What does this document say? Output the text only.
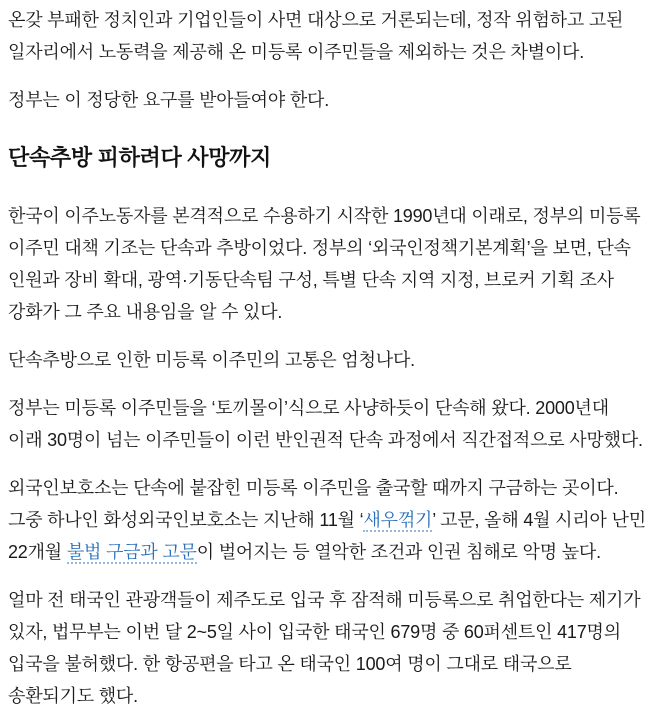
온갖 부패한 정치인과 기업인들이 사면 대상으로 거론되는데, 정작 위험하고 고된 일자리에서 노동력을 제공해 온 미등록 이주민들을 제외하는 것은 차별이다.

정부는 이 정당한 요구를 받아들여야 한다.

단속추방 피하려다 사망까지

한국이 이주노동자를 본격적으로 수용하기 시작한 1990년대 이래로, 정부의 미등록 이주민 대책 기조는 단속과 추방이었다. 정부의 ‘외국인정책기본계획’을 보면, 단속 인원과 장비 확대, 광역·기동단속팀 구성, 특별 단속 지역 지정, 브로커 기획 조사 강화가 그 주요 내용임을 알 수 있다.

단속추방으로 인한 미등록 이주민의 고통은 엄청나다.

정부는 미등록 이주민들을 ‘토끼몰이’식으로 사냥하듯이 단속해 왔다. 2000년대 이래 30명이 넘는 이주민들이 이런 반인권적 단속 과정에서 직간접적으로 사망했다.

외국인보호소는 단속에 붙잡힌 미등록 이주민을 출국할 때까지 구금하는 곳이다. 그중 하나인 화성외국인보호소는 지난해 11월 ‘새우꺾기’ 고문, 올해 4월 시리아 난민 22개월 불법 구금과 고문이 벌어지는 등 열악한 조건과 인권 침해로 악명 높다.

얼마 전 태국인 관광객들이 제주도로 입국 후 잠적해 미등록으로 취업한다는 제기가 있자, 법무부는 이번 달 2~5일 사이 입국한 태국인 679명 중 60퍼센트인 417명의 입국을 불허했다. 한 항공편을 타고 온 태국인 100여 명이 그대로 태국으로 송환되기도 했다.
